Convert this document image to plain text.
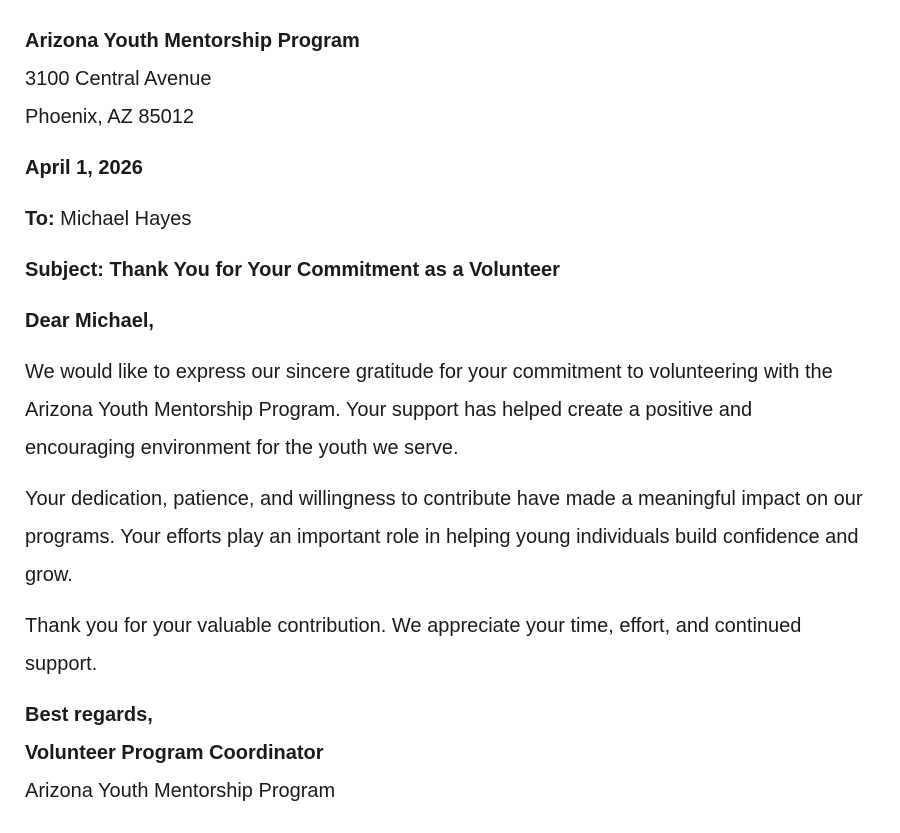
Arizona Youth Mentorship Program
3100 Central Avenue
Phoenix, AZ 85012
April 1, 2026
To: Michael Hayes
Subject: Thank You for Your Commitment as a Volunteer
Dear Michael,

We would like to express our sincere gratitude for your commitment to volunteering with the Arizona Youth Mentorship Program. Your support has helped create a positive and encouraging environment for the youth we serve.

Your dedication, patience, and willingness to contribute have made a meaningful impact on our programs. Your efforts play an important role in helping young individuals build confidence and grow.

Thank you for your valuable contribution. We appreciate your time, effort, and continued support.

Best regards,
Volunteer Program Coordinator
Arizona Youth Mentorship Program
